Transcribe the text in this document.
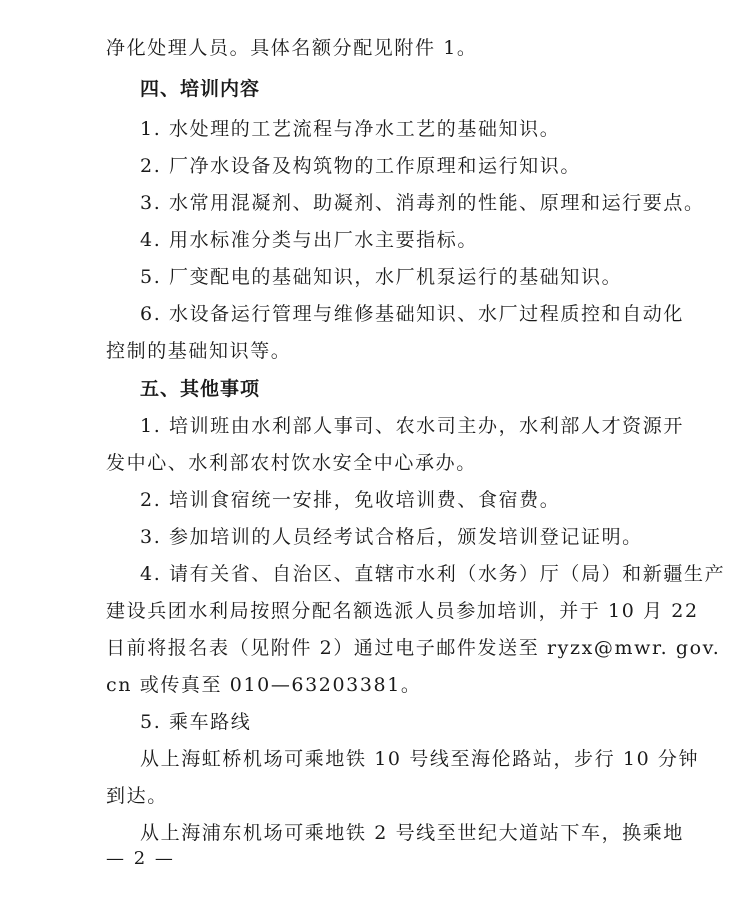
净化处理人员。具体名额分配见附件 1。
四、培训内容
1. 水处理的工艺流程与净水工艺的基础知识。
2. 厂净水设备及构筑物的工作原理和运行知识。
3. 水常用混凝剂、助凝剂、消毒剂的性能、原理和运行要点。
4. 用水标准分类与出厂水主要指标。
5. 厂变配电的基础知识，水厂机泵运行的基础知识。
6. 水设备运行管理与维修基础知识、水厂过程质控和自动化
控制的基础知识等。
五、其他事项
1. 培训班由水利部人事司、农水司主办，水利部人才资源开
发中心、水利部农村饮水安全中心承办。
2. 培训食宿统一安排，免收培训费、食宿费。
3. 参加培训的人员经考试合格后，颁发培训登记证明。
4. 请有关省、自治区、直辖市水利（水务）厅（局）和新疆生产
建设兵团水利局按照分配名额选派人员参加培训，并于 10 月 22
日前将报名表（见附件 2）通过电子邮件发送至 ryzx@mwr. gov.
cn 或传真至 010—63203381。
5. 乘车路线
从上海虹桥机场可乘地铁 10 号线至海伦路站，步行 10 分钟
到达。
从上海浦东机场可乘地铁 2 号线至世纪大道站下车，换乘地
— 2 —
